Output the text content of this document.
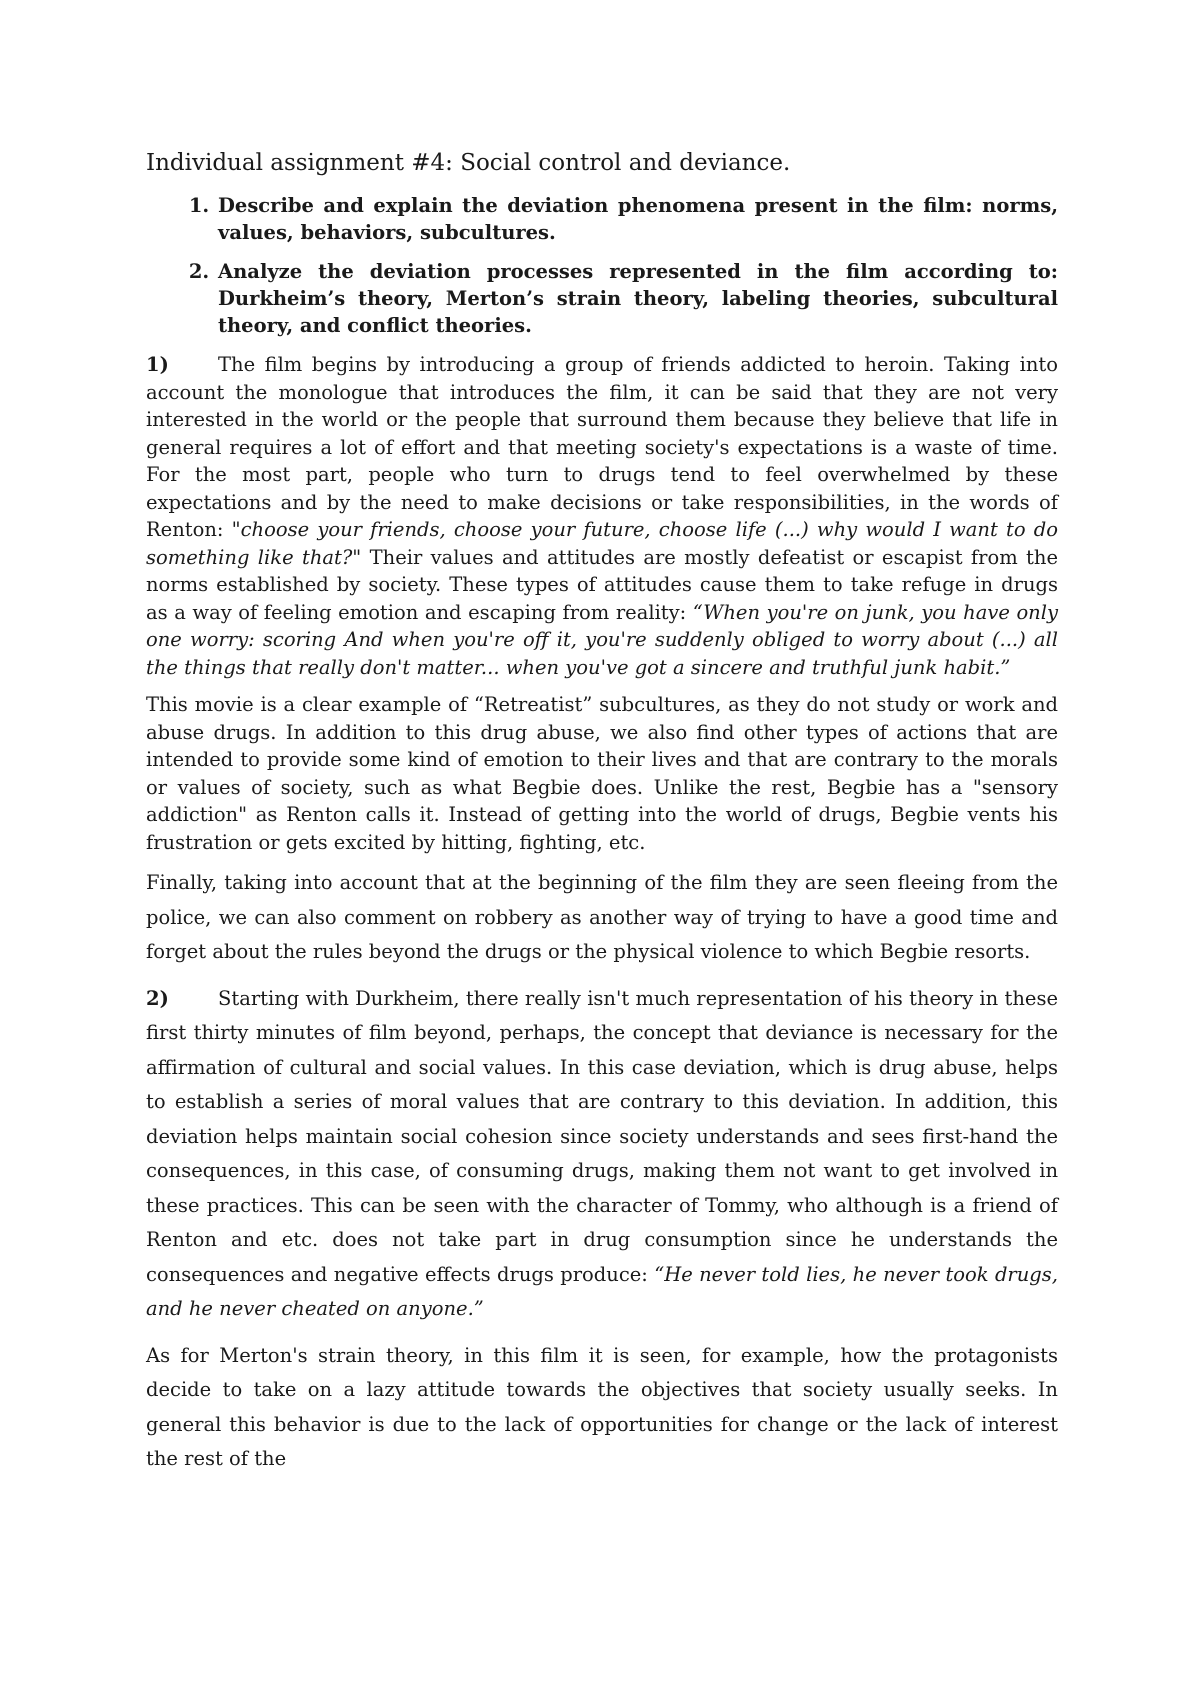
Individual assignment #4: Social control and deviance.
1. Describe and explain the deviation phenomena present in the film: norms, values, behaviors, subcultures.
2. Analyze the deviation processes represented in the film according to: Durkheim’s theory, Merton’s strain theory, labeling theories, subcultural theory, and conflict theories.

1)	The film begins by introducing a group of friends addicted to heroin. Taking into account the monologue that introduces the film, it can be said that they are not very interested in the world or the people that surround them because they believe that life in general requires a lot of effort and that meeting society's expectations is a waste of time. For the most part, people who turn to drugs tend to feel overwhelmed by these expectations and by the need to make decisions or take responsibilities, in the words of Renton: "choose your friends, choose your future, choose life (...) why would I want to do something like that?" Their values and attitudes are mostly defeatist or escapist from the norms established by society. These types of attitudes cause them to take refuge in drugs as a way of feeling emotion and escaping from reality: “When you're on junk, you have only one worry: scoring And when you're off it, you're suddenly obliged to worry about (...) all the things that really don't matter... when you've got a sincere and truthful junk habit.”

This movie is a clear example of “Retreatist” subcultures, as they do not study or work and abuse drugs. In addition to this drug abuse, we also find other types of actions that are intended to provide some kind of emotion to their lives and that are contrary to the morals or values of society, such as what Begbie does. Unlike the rest, Begbie has a "sensory addiction" as Renton calls it. Instead of getting into the world of drugs, Begbie vents his frustration or gets excited by hitting, fighting, etc.

Finally, taking into account that at the beginning of the film they are seen fleeing from the police, we can also comment on robbery as another way of trying to have a good time and forget about the rules beyond the drugs or the physical violence to which Begbie resorts.

2)	Starting with Durkheim, there really isn't much representation of his theory in these first thirty minutes of film beyond, perhaps, the concept that deviance is necessary for the affirmation of cultural and social values. In this case deviation, which is drug abuse, helps to establish a series of moral values that are contrary to this deviation. In addition, this deviation helps maintain social cohesion since society understands and sees first-hand the consequences, in this case, of consuming drugs, making them not want to get involved in these practices. This can be seen with the character of Tommy, who although is a friend of Renton and etc. does not take part in drug consumption since he understands the consequences and negative effects drugs produce: “He never told lies, he never took drugs, and he never cheated on anyone.”

As for Merton's strain theory, in this film it is seen, for example, how the protagonists decide to take on a lazy attitude towards the objectives that society usually seeks. In general this behavior is due to the lack of opportunities for change or the lack of interest the rest of the
